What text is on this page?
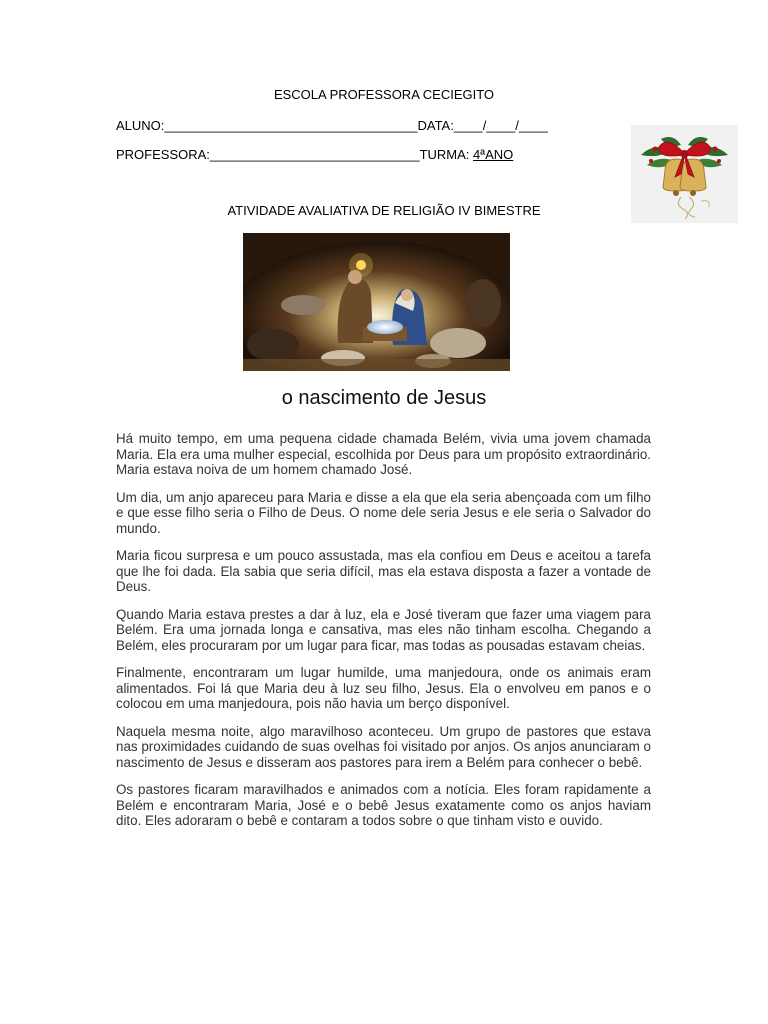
ESCOLA PROFESSORA CECIEGITO
ALUNO:___________________________________DATA:____/____/____
PROFESSORA:_____________________________TURMA: 4ªANO
ATIVIDADE AVALIATIVA DE RELIGIÃO IV BIMESTRE
o nascimento de Jesus

Há muito tempo, em uma pequena cidade chamada Belém, vivia uma jovem chamada Maria. Ela era uma mulher especial, escolhida por Deus para um propósito extraordinário. Maria estava noiva de um homem chamado José.

Um dia, um anjo apareceu para Maria e disse a ela que ela seria abençoada com um filho e que esse filho seria o Filho de Deus. O nome dele seria Jesus e ele seria o Salvador do mundo.

Maria ficou surpresa e um pouco assustada, mas ela confiou em Deus e aceitou a tarefa que lhe foi dada. Ela sabia que seria difícil, mas ela estava disposta a fazer a vontade de Deus.

Quando Maria estava prestes a dar à luz, ela e José tiveram que fazer uma viagem para Belém. Era uma jornada longa e cansativa, mas eles não tinham escolha. Chegando a Belém, eles procuraram por um lugar para ficar, mas todas as pousadas estavam cheias.

Finalmente, encontraram um lugar humilde, uma manjedoura, onde os animais eram alimentados. Foi lá que Maria deu à luz seu filho, Jesus. Ela o envolveu em panos e o colocou em uma manjedoura, pois não havia um berço disponível.

Naquela mesma noite, algo maravilhoso aconteceu. Um grupo de pastores que estava nas proximidades cuidando de suas ovelhas foi visitado por anjos. Os anjos anunciaram o nascimento de Jesus e disseram aos pastores para irem a Belém para conhecer o bebê.

Os pastores ficaram maravilhados e animados com a notícia. Eles foram rapidamente a Belém e encontraram Maria, José e o bebê Jesus exatamente como os anjos haviam dito. Eles adoraram o bebê e contaram a todos sobre o que tinham visto e ouvido.
